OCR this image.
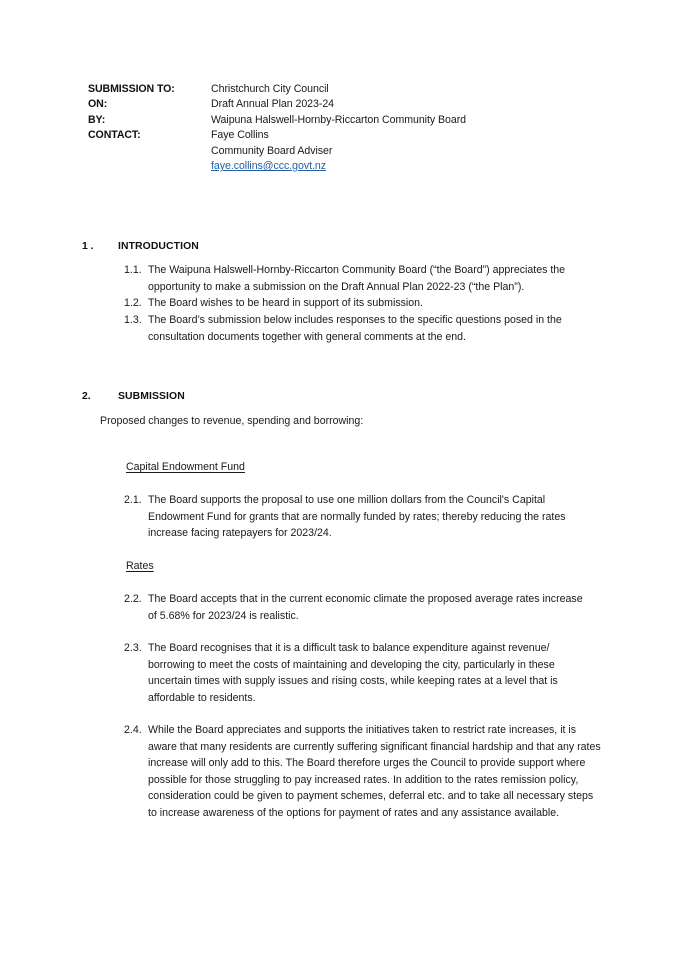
SUBMISSION TO:	Christchurch City Council
ON:	Draft Annual Plan 2023-24
BY:	Waipuna Halswell-Hornby-Riccarton Community Board
CONTACT:	Faye Collins
Community Board Adviser
faye.collins@ccc.govt.nz
1 .	INTRODUCTION
1.1. The Waipuna Halswell-Hornby-Riccarton Community Board (“the Board”) appreciates the opportunity to make a submission on the Draft Annual Plan 2022-23 (“the Plan”).
1.2. The Board wishes to be heard in support of its submission.
1.3. The Board’s submission below includes responses to the specific questions posed in the consultation documents together with general comments at the end.
2.	SUBMISSION
Proposed changes to revenue, spending and borrowing:
Capital Endowment Fund
2.1. The Board supports the proposal to use one million dollars from the Council's Capital Endowment Fund for grants that are normally funded by rates; thereby reducing the rates increase facing ratepayers for 2023/24.
Rates
2.2. The Board accepts that in the current economic climate the proposed average rates increase of 5.68% for 2023/24 is realistic.
2.3. The Board recognises that it is a difficult task to balance expenditure against revenue/ borrowing to meet the costs of maintaining and developing the city, particularly in these uncertain times with supply issues and rising costs, while keeping rates at a level that is affordable to residents.
2.4. While the Board appreciates and supports the initiatives taken to restrict rate increases, it is aware that many residents are currently suffering significant financial hardship and that any rates increase will only add to this. The Board therefore urges the Council to provide support where possible for those struggling to pay increased rates. In addition to the rates remission policy, consideration could be given to payment schemes, deferral etc. and to take all necessary steps to increase awareness of the options for payment of rates and any assistance available.
